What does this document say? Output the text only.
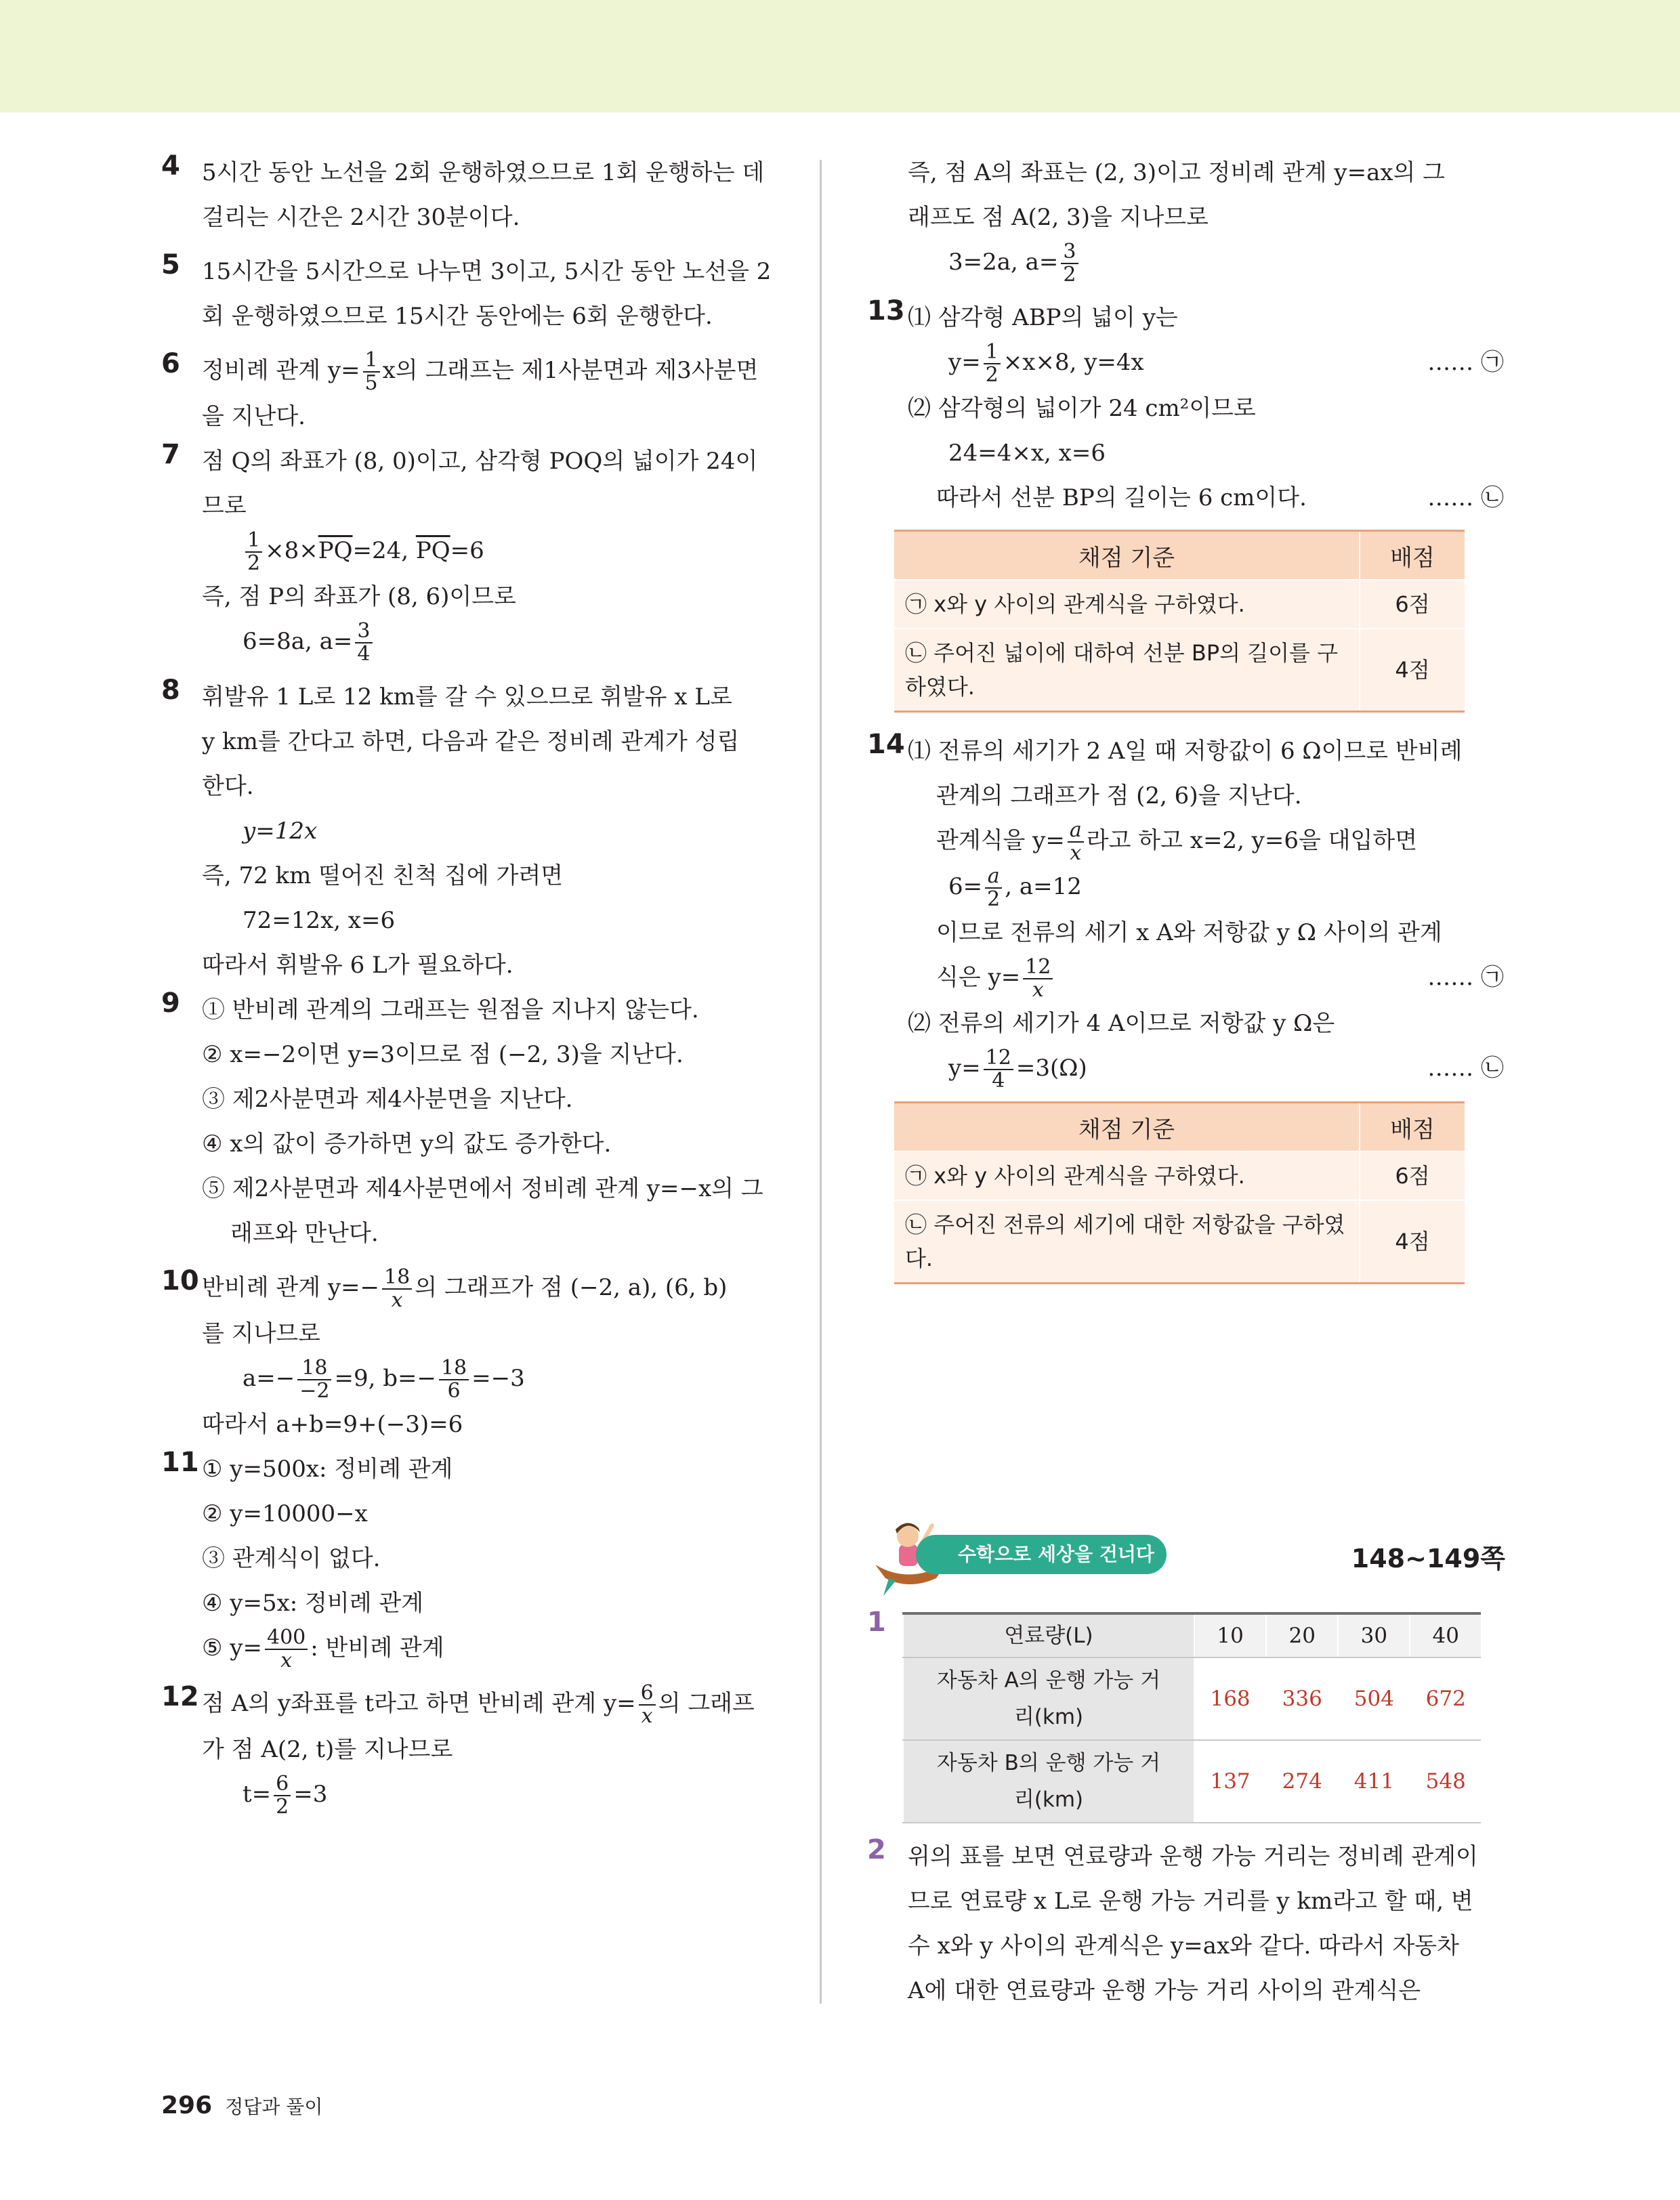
4 5시간 동안 노선을 2회 운행하였으므로 1회 운행하는 데
걸리는 시간은 2시간 30분이다.
5 15시간을 5시간으로 나누면 3이고, 5시간 동안 노선을 2
회 운행하였으므로 15시간 동안에는 6회 운행한다.
6 정비례 관계 $y= \frac{1}{5}$ x의 그래프는 제1사분면과 제3사분면
을 지난다.
7 점 Q의 좌표가 (8, 0)이고, 삼각형 POQ의 넓이가 24이
므로
$\frac{1}{2} \times 8\times\overline{PQ}=24$, $\overline{PQ}=6$
즉, 점 P의 좌표가 (8, 6)이므로
6=8a, $a= \frac{3}{4}$
8 휘발유 1 L로 12 km를 갈 수 있으므로 휘발유 x L로
y km를 간다고 하면, 다음과 같은 정비례 관계가 성립
한다.
y=12x
즉, 72 km 떨어진 친척 집에 가려면
72=12x, x=6
따라서 휘발유 6 L가 필요하다.
9 ① 반비례 관계의 그래프는 원점을 지나지 않는다.
② x=−2이면 y=3이므로 점 (−2, 3)을 지난다.
③ 제2사분면과 제4사분면을 지난다.
④ x의 값이 증가하면 y의 값도 증가한다.
⑤ 제2사분면과 제4사분면에서 정비례 관계 y=−x의 그
래프와 만난다.
10 반비례 관계 $y=- \frac{18}{x}$ 의 그래프가 점 (−2, a), (6, b)
를 지나므로
$a=- \frac{18}{-2} =9$, $b=- \frac{18}{6} =-3$
따라서 a+b=9+(−3)=6
11 ① y=500x: 정비례 관계
② y=10000−x
③ 관계식이 없다.
④ y=5x: 정비례 관계
⑤ $y= \frac{400}{x}$ : 반비례 관계
12 점 A의 y좌표를 t라고 하면 반비례 관계 $y= \frac{6}{x}$ 의 그래프
가 점 A(2, t)를 지나므로
$t= \frac{6}{2} =3$
즉, 점 A의 좌표는 (2, 3)이고 정비례 관계 y=ax의 그
래프도 점 A(2, 3)을 지나므로
3=2a, $a= \frac{3}{2}$
13 ⑴ 삼각형 ABP의 넓이 y는
$y= \frac{1}{2} \times x\times 8$, y=4x	…… ㉠
⑵ 삼각형의 넓이가 24 cm²이므로
24=4×x, x=6
따라서 선분 BP의 길이는 6 cm이다.	…… ㉡
채점 기준	배점
㉠ x와 y 사이의 관계식을 구하였다.	6점
㉡ 주어진 넓이에 대하여 선분 BP의 길이를 구하였다.	4점
14 ⑴ 전류의 세기가 2 A일 때 저항값이 6 Ω이므로 반비례
관계의 그래프가 점 (2, 6)을 지난다.
관계식을 $y= \frac{a}{x}$ 라고 하고 x=2, y=6을 대입하면
$6= \frac{a}{2}$ , a=12
이므로 전류의 세기 x A와 저항값 y Ω 사이의 관계
식은 $y= \frac{12}{x}$	…… ㉠
⑵ 전류의 세기가 4 A이므로 저항값 y Ω은
$y= \frac{12}{4} =3(\Omega)$	…… ㉡
채점 기준	배점
㉠ x와 y 사이의 관계식을 구하였다.	6점
㉡ 주어진 전류의 세기에 대한 저항값을 구하였다.	4점
수학으로 세상을 건너다	148~149쪽
1	연료량(L)	10	20	30	40
자동차 A의 운행 가능 거리(km)	168	336	504	672
자동차 B의 운행 가능 거리(km)	137	274	411	548
2 위의 표를 보면 연료량과 운행 가능 거리는 정비례 관계이
므로 연료량 x L로 운행 가능 거리를 y km라고 할 때, 변
수 x와 y 사이의 관계식은 y=ax와 같다. 따라서 자동차
A에 대한 연료량과 운행 가능 거리 사이의 관계식은
296 정답과 풀이
